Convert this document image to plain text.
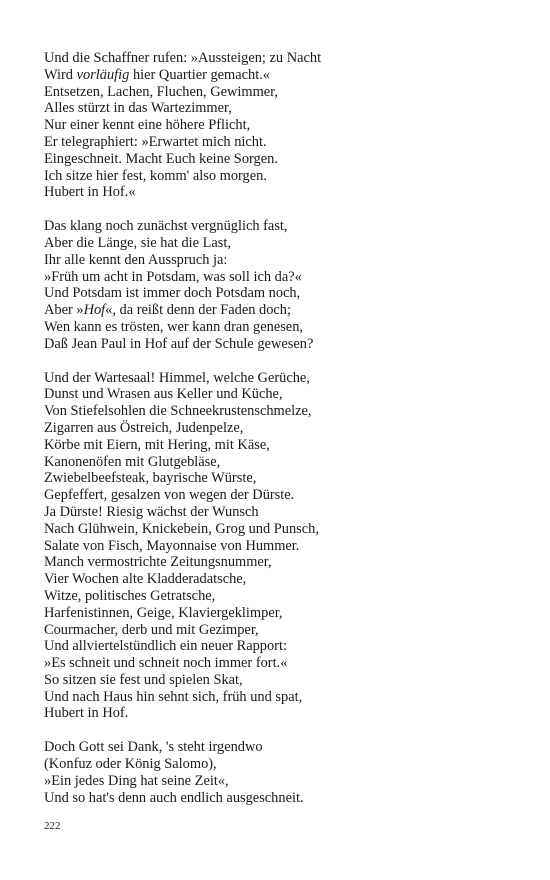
Und die Schaffner rufen: »Aussteigen; zu Nacht
Wird vorläufig hier Quartier gemacht.«
Entsetzen, Lachen, Fluchen, Gewimmer,
Alles stürzt in das Wartezimmer,
Nur einer kennt eine höhere Pflicht,
Er telegraphiert: »Erwartet mich nicht.
Eingeschneit. Macht Euch keine Sorgen.
Ich sitze hier fest, komm' also morgen.
Hubert in Hof.«
Das klang noch zunächst vergnüglich fast,
Aber die Länge, sie hat die Last,
Ihr alle kennt den Ausspruch ja:
»Früh um acht in Potsdam, was soll ich da?«
Und Potsdam ist immer doch Potsdam noch,
Aber »Hof«, da reißt denn der Faden doch;
Wen kann es trösten, wer kann dran genesen,
Daß Jean Paul in Hof auf der Schule gewesen?
Und der Wartesaal! Himmel, welche Gerüche,
Dunst und Wrasen aus Keller und Küche,
Von Stiefelsohlen die Schneekrustenschmelze,
Zigarren aus Östreich, Judenpelze,
Körbe mit Eiern, mit Hering, mit Käse,
Kanonenöfen mit Glutgebläse,
Zwiebelbeefsteak, bayrische Würste,
Gepfeffert, gesalzen von wegen der Dürste.
Ja Dürste! Riesig wächst der Wunsch
Nach Glühwein, Knickebein, Grog und Punsch,
Salate von Fisch, Mayonnaise von Hummer.
Manch vermostrichte Zeitungsnummer,
Vier Wochen alte Kladderadatsche,
Witze, politisches Getratsche,
Harfenistinnen, Geige, Klaviergeklimper,
Courmacher, derb und mit Gezimper,
Und allviertelstündlich ein neuer Rapport:
»Es schneit und schneit noch immer fort.«
So sitzen sie fest und spielen Skat,
Und nach Haus hin sehnt sich, früh und spat,
Hubert in Hof.
Doch Gott sei Dank, 's steht irgendwo
(Konfuz oder König Salomo),
»Ein jedes Ding hat seine Zeit«,
Und so hat's denn auch endlich ausgeschneit.
222
